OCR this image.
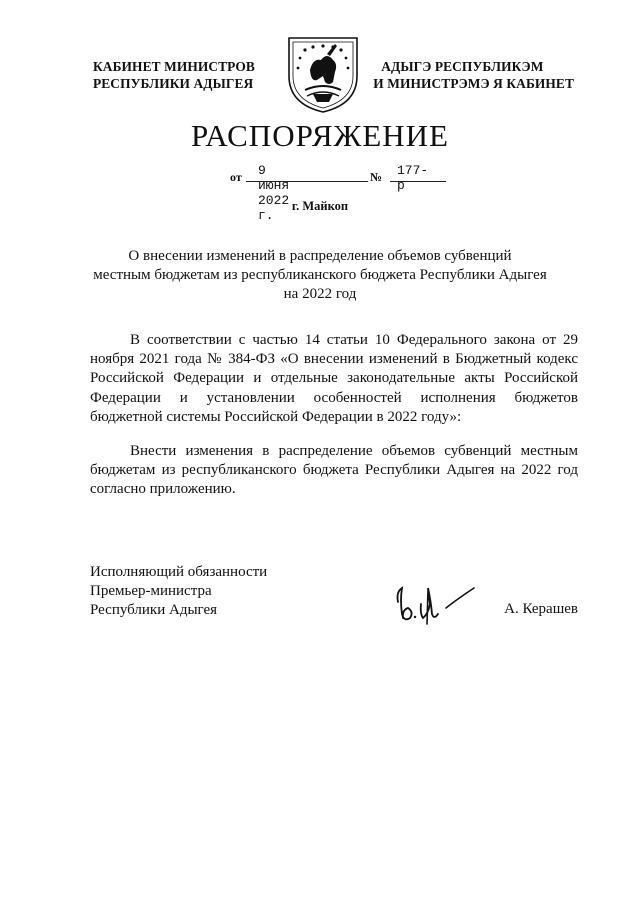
КАБИНЕТ МИНИСТРОВ
РЕСПУБЛИКИ АДЫГЕЯ
АДЫГЭ РЕСПУБЛИКЭМ
И МИНИСТРЭМЭ Я КАБИНЕТ
РАСПОРЯЖЕНИЕ
от 9 июня 2022 г.
№ 177-р
г. Майкоп
О внесении изменений в распределение объемов субвенций
местным бюджетам из республиканского бюджета Республики Адыгея
на 2022 год
В соответствии с частью 14 статьи 10 Федерального закона от 29 ноября 2021 года № 384-ФЗ «О внесении изменений в Бюджетный кодекс Российской Федерации и отдельные законодательные акты Российской Федерации и установлении особенностей исполнения бюджетов бюджетной системы Российской Федерации в 2022 году»:
Внести изменения в распределение объемов субвенций местным бюджетам из республиканского бюджета Республики Адыгея на 2022 год согласно приложению.
Исполняющий обязанности
Премьер-министра
Республики Адыгея	А. Керашев
